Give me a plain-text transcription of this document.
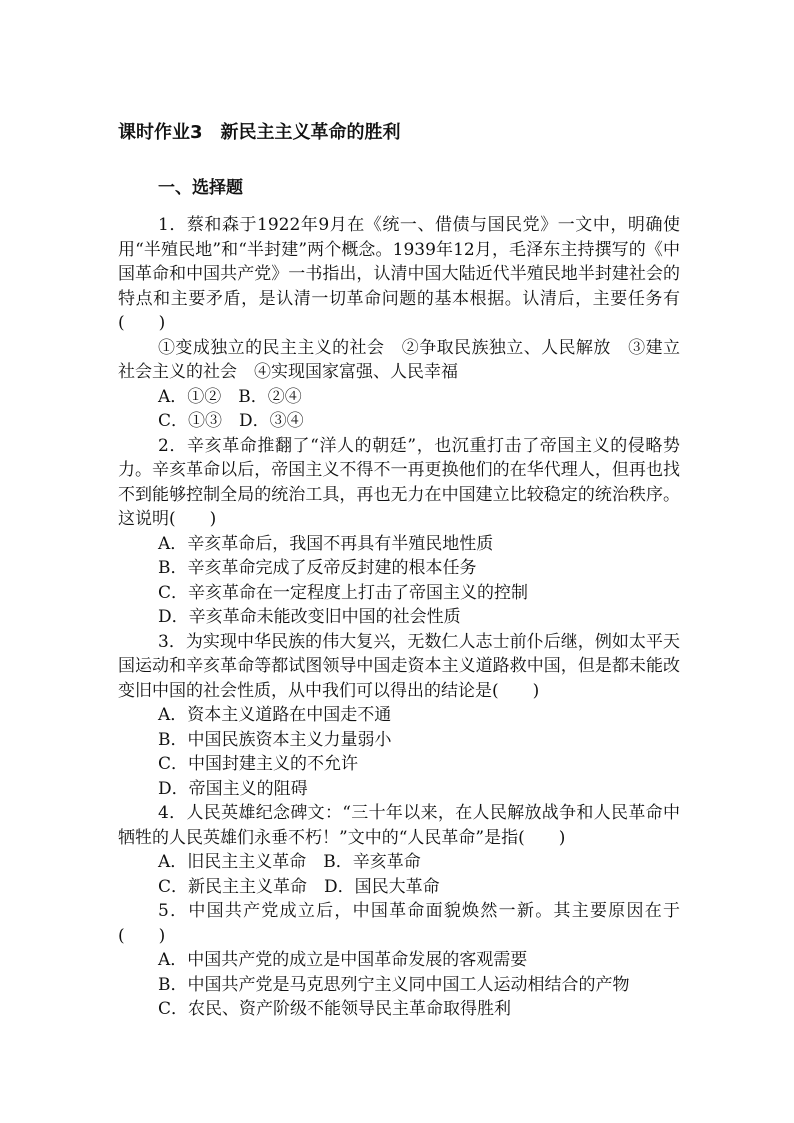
课时作业3　新民主主义革命的胜利
一、选择题

1．蔡和森于1922年9月在《统一、借债与国民党》一文中，明确使用“半殖民地”和“半封建”两个概念。1939年12月，毛泽东主持撰写的《中国革命和中国共产党》一书指出，认清中国大陆近代半殖民地半封建社会的特点和主要矛盾，是认清一切革命问题的基本根据。认清后，主要任务有(　　)

①变成独立的民主主义的社会　②争取民族独立、人民解放　③建立社会主义的社会　④实现国家富强、人民幸福

A．①②　B．②④

C．①③　D．③④

2．辛亥革命推翻了“洋人的朝廷”，也沉重打击了帝国主义的侵略势力。辛亥革命以后，帝国主义不得不一再更换他们的在华代理人，但再也找不到能够控制全局的统治工具，再也无力在中国建立比较稳定的统治秩序。这说明(　　)

A．辛亥革命后，我国不再具有半殖民地性质

B．辛亥革命完成了反帝反封建的根本任务

C．辛亥革命在一定程度上打击了帝国主义的控制

D．辛亥革命未能改变旧中国的社会性质

3．为实现中华民族的伟大复兴，无数仁人志士前仆后继，例如太平天国运动和辛亥革命等都试图领导中国走资本主义道路救中国，但是都未能改变旧中国的社会性质，从中我们可以得出的结论是(　　)

A．资本主义道路在中国走不通

B．中国民族资本主义力量弱小

C．中国封建主义的不允许

D．帝国主义的阻碍

4．人民英雄纪念碑文：“三十年以来，在人民解放战争和人民革命中牺牲的人民英雄们永垂不朽！”文中的“人民革命”是指(　　)

A．旧民主主义革命　B．辛亥革命

C．新民主主义革命　D．国民大革命

5．中国共产党成立后，中国革命面貌焕然一新。其主要原因在于(　　)

A．中国共产党的成立是中国革命发展的客观需要

B．中国共产党是马克思列宁主义同中国工人运动相结合的产物

C．农民、资产阶级不能领导民主革命取得胜利
